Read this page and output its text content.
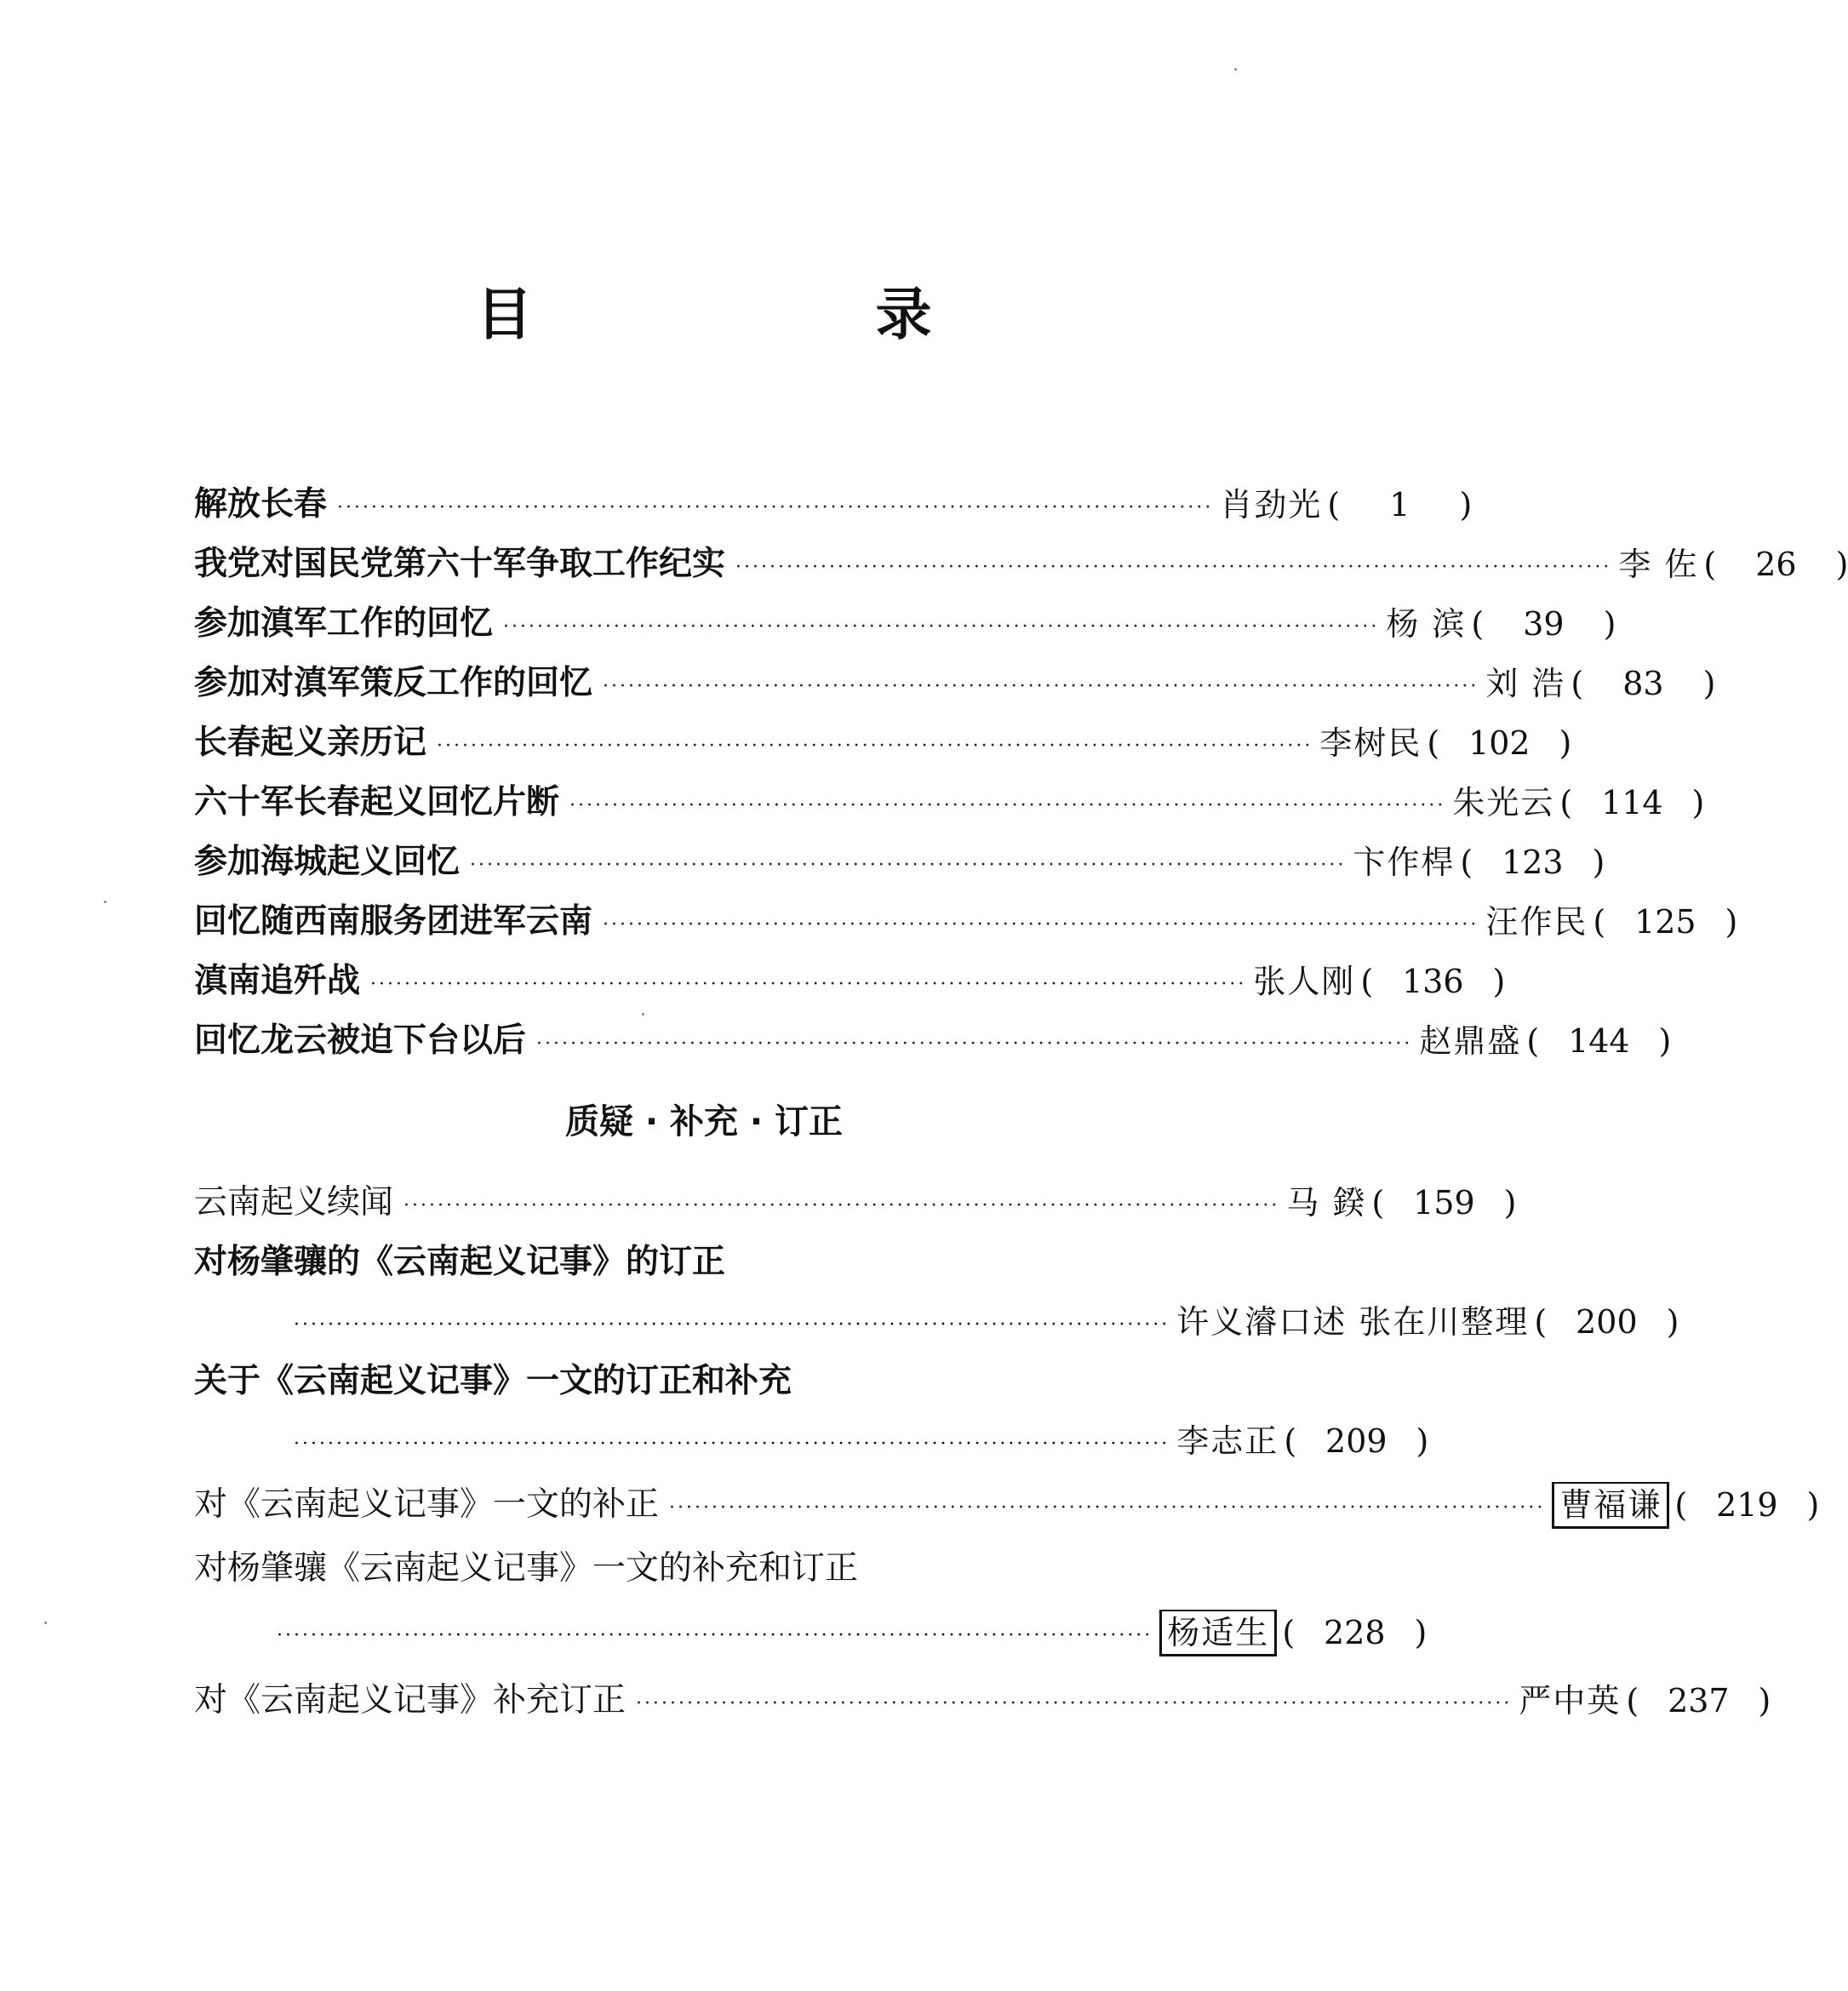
目 录
解放长春 ······································································································· 肖劲光 (	1	)
我党对国民党第六十军争取工作纪实 ······································································································· 李 佐 (	26	)
参加滇军工作的回忆 ······································································································· 杨 滨 (	39	)
参加对滇军策反工作的回忆 ······································································································· 刘 浩 (	83	)
长春起义亲历记 ······································································································· 李树民 ( 102 )
六十军长春起义回忆片断 ······································································································· 朱光云 ( 114 )
参加海城起义回忆 ······································································································· 卞作桿 ( 123 )
回忆随西南服务团进军云南 ······································································································· 汪作民 ( 125 )
滇南追歼战 ······································································································· 张人刚 ( 136 )
回忆龙云被迫下台以后 ······································································································· 赵鼎盛 ( 144 )
质疑 · 补充 · 订正
云南起义续闻 ······································································································· 马 鍨 ( 159 )
对杨肇骧的《云南起义记事》的订正
······································································································· 许义濬口述 张在川整理 ( 200 )
关于《云南起义记事》一文的订正和补充
······································································································· 李志正 ( 209 )
对《云南起义记事》一文的补正 ······································································································· 曹福谦 ( 219 )
对杨肇骧《云南起义记事》一文的补充和订正
······································································································· 杨适生 ( 228 )
对《云南起义记事》补充订正 ······································································································· 严中英 ( 237 )
